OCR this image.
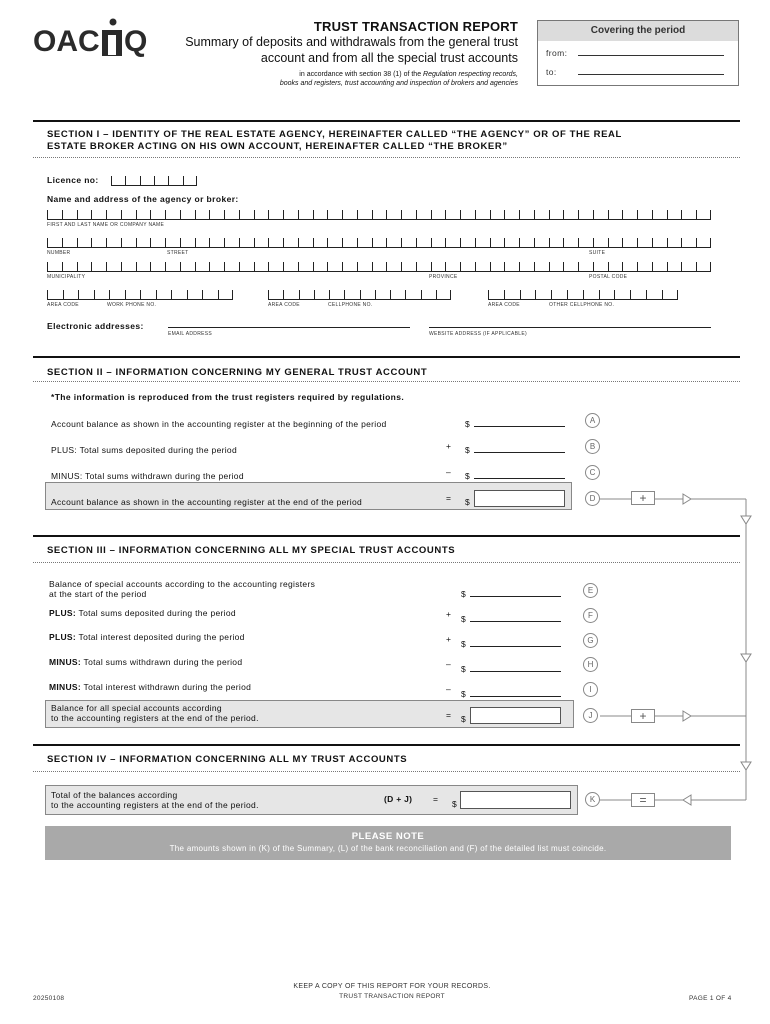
OAC Q	TRUST TRANSACTION REPORT
Summary of deposits and withdrawals from the general trust
account and from all the special trust accounts
in accordance with section 38 (1) of the Regulation respecting records,
books and registers, trust accounting and inspection of brokers and agencies
Covering the period
from:
to:
SECTION I – IDENTITY OF THE REAL ESTATE AGENCY, HEREINAFTER CALLED “THE AGENCY” OR OF THE REAL
ESTATE BROKER ACTING ON HIS OWN ACCOUNT, HEREINAFTER CALLED “THE BROKER”
Licence no:
Name and address of the agency or broker:
FIRST AND LAST NAME OR COMPANY NAME
NUMBER	STREET	SUITE
MUNICIPALITY	PROVINCE	POSTAL CODE
AREA CODE	WORK PHONE NO.	AREA CODE	CELLPHONE NO.	AREA CODE	OTHER CELLPHONE NO.
Electronic addresses:
EMAIL ADDRESS	WEBSITE ADDRESS (IF APPLICABLE)
SECTION II – INFORMATION CONCERNING MY GENERAL TRUST ACCOUNT
*The information is reproduced from the trust registers required by regulations.
Account balance as shown in the accounting register at the beginning of the period	$	A
PLUS: Total sums deposited during the period	+ $	B
MINUS: Total sums withdrawn during the period	– $	C
Account balance as shown in the accounting register at the end of the period	= $	D	+
SECTION III – INFORMATION CONCERNING ALL MY SPECIAL TRUST ACCOUNTS
Balance of special accounts according to the accounting registers
at the start of the period	$	E
PLUS: Total sums deposited during the period	+ $	F
PLUS: Total interest deposited during the period	+ $	G
MINUS: Total sums withdrawn during the period	– $	H
MINUS: Total interest withdrawn during the period	– $	I
Balance for all special accounts according
to the accounting registers at the end of the period.	= $	J	+
SECTION IV – INFORMATION CONCERNING ALL MY TRUST ACCOUNTS
Total of the balances according
to the accounting registers at the end of the period.
(D + J) = $	K	=
PLEASE NOTE
The amounts shown in (K) of the Summary, (L) of the bank reconciliation and (F) of the detailed list must coincide.
KEEP A COPY OF THIS REPORT FOR YOUR RECORDS.
TRUST TRANSACTION REPORT
20250108	PAGE 1 OF 4
